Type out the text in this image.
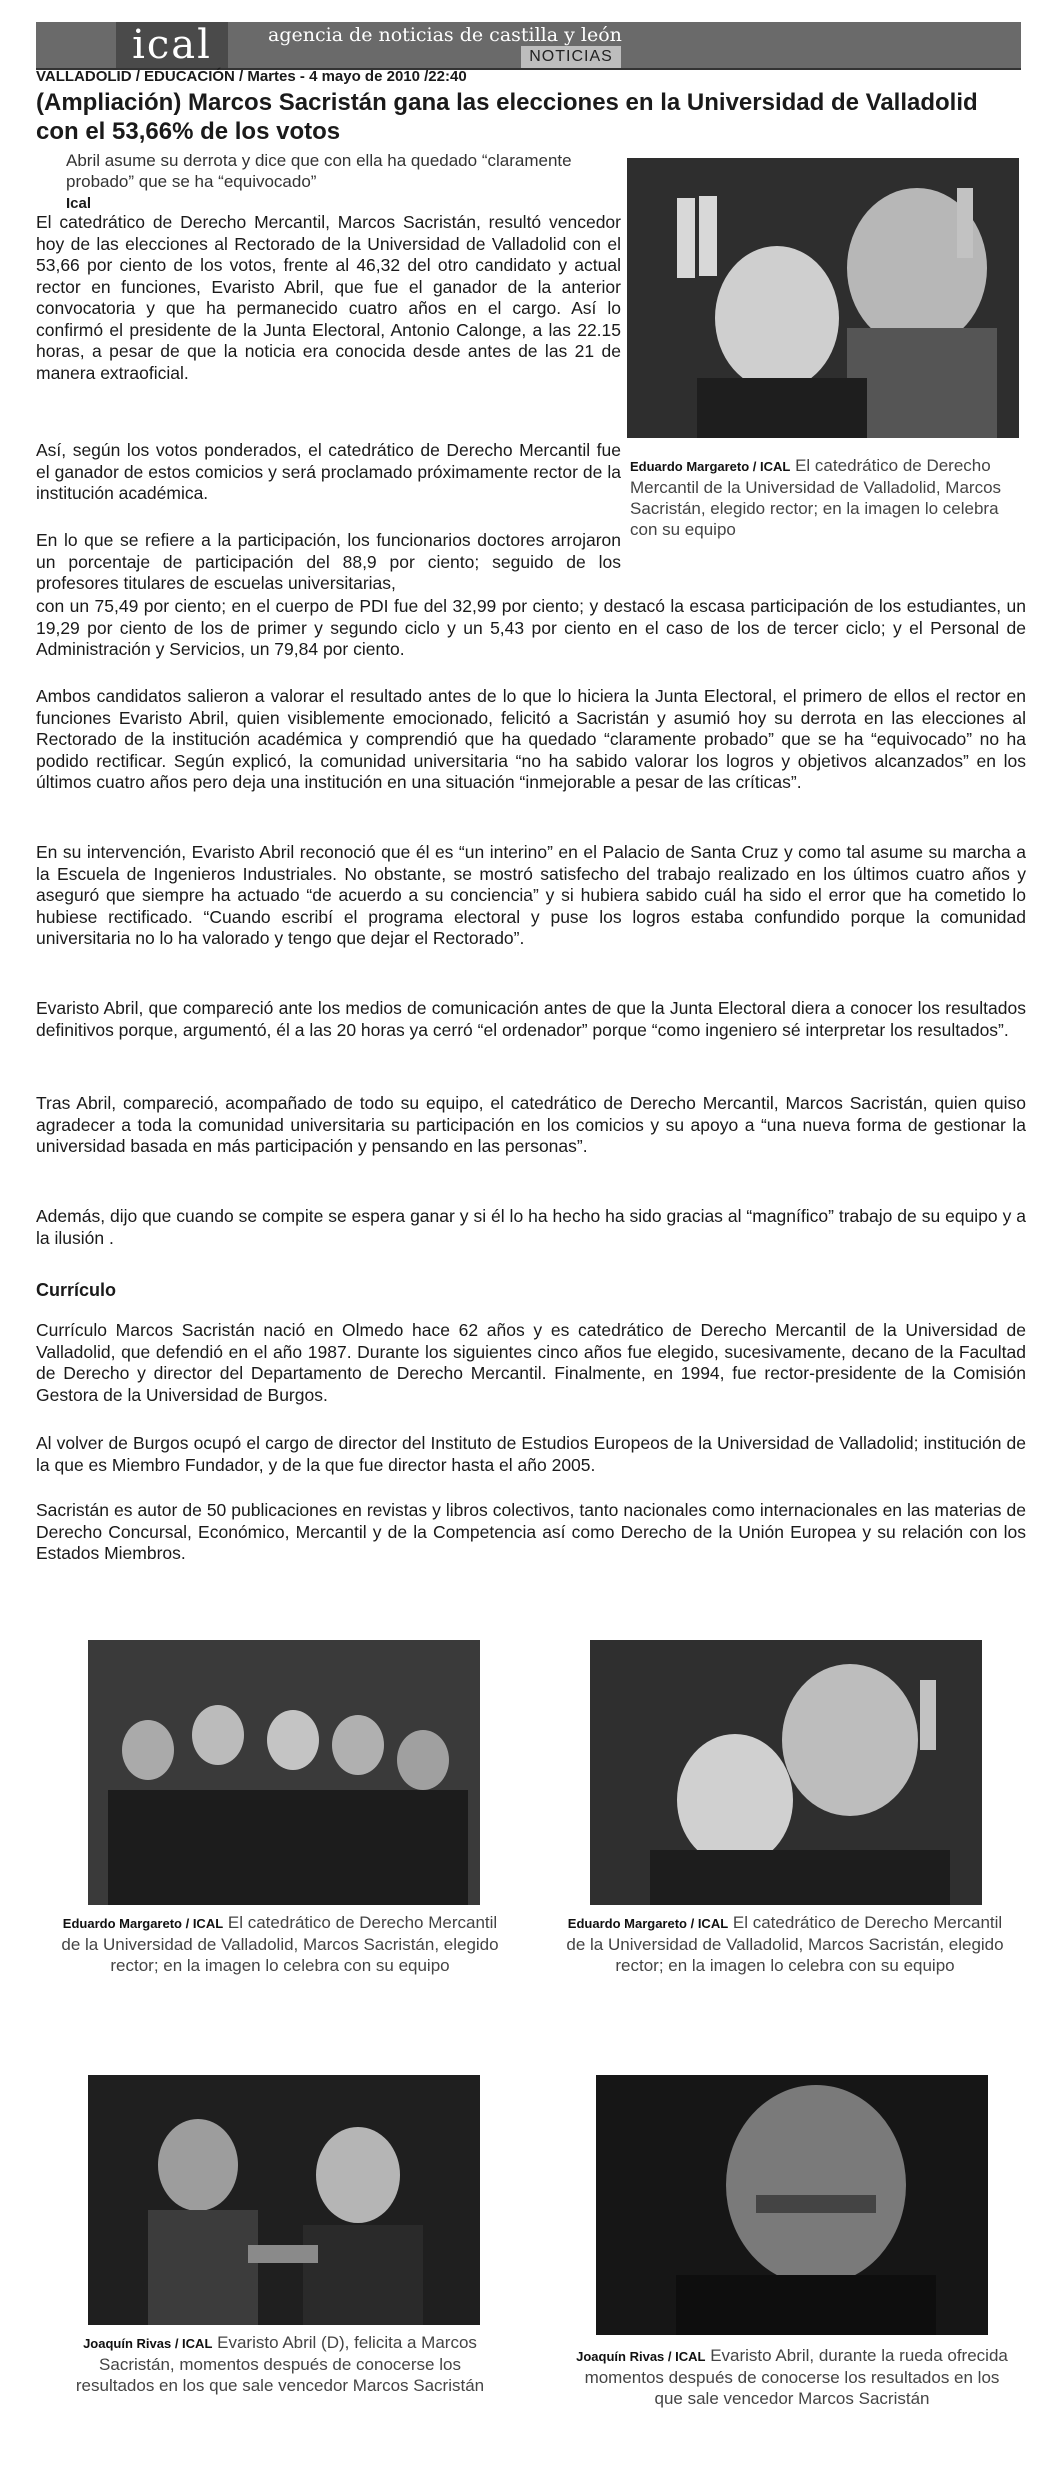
ical	agencia de noticias de castilla y león
NOTICIAS
VALLADOLID / EDUCACIÓN / Martes - 4 mayo de 2010 /22:40
(Ampliación) Marcos Sacristán gana las elecciones en la Universidad de Valladolid con el 53,66% de los votos
Abril asume su derrota y dice que con ella ha quedado “claramente probado” que se ha “equivocado”
Ical
Eduardo Margareto / ICAL El catedrático de Derecho Mercantil de la Universidad de Valladolid, Marcos Sacristán, elegido rector; en la imagen lo celebra con su equipo
El catedrático de Derecho Mercantil, Marcos Sacristán, resultó vencedor hoy de las elecciones al Rectorado de la Universidad de Valladolid con el 53,66 por ciento de los votos, frente al 46,32 del otro candidato y actual rector en funciones, Evaristo Abril, que fue el ganador de la anterior convocatoria y que ha permanecido cuatro años en el cargo. Así lo confirmó el presidente de la Junta Electoral, Antonio Calonge, a las 22.15 horas, a pesar de que la noticia era conocida desde antes de las 21 de manera extraoficial.
Así, según los votos ponderados, el catedrático de Derecho Mercantil fue el ganador de estos comicios y será proclamado próximamente rector de la institución académica.
En lo que se refiere a la participación, los funcionarios doctores arrojaron un porcentaje de participación del 88,9 por ciento; seguido de los profesores titulares de escuelas universitarias,
con un 75,49 por ciento; en el cuerpo de PDI fue del 32,99 por ciento; y destacó la escasa participación de los estudiantes, un 19,29 por ciento de los de primer y segundo ciclo y un 5,43 por ciento en el caso de los de tercer ciclo; y el Personal de Administración y Servicios, un 79,84 por ciento.
Ambos candidatos salieron a valorar el resultado antes de lo que lo hiciera la Junta Electoral, el primero de ellos el rector en funciones Evaristo Abril, quien visiblemente emocionado, felicitó a Sacristán y asumió hoy su derrota en las elecciones al Rectorado de la institución académica y comprendió que ha quedado “claramente probado” que se ha “equivocado” no ha podido rectificar. Según explicó, la comunidad universitaria “no ha sabido valorar los logros y objetivos alcanzados” en los últimos cuatro años pero deja una institución en una situación “inmejorable a pesar de las críticas”.
En su intervención, Evaristo Abril reconoció que él es “un interino” en el Palacio de Santa Cruz y como tal asume su marcha a la Escuela de Ingenieros Industriales. No obstante, se mostró satisfecho del trabajo realizado en los últimos cuatro años y aseguró que siempre ha actuado “de acuerdo a su conciencia” y si hubiera sabido cuál ha sido el error que ha cometido lo hubiese rectificado. “Cuando escribí el programa electoral y puse los logros estaba confundido porque la comunidad universitaria no lo ha valorado y tengo que dejar el Rectorado”.
Evaristo Abril, que compareció ante los medios de comunicación antes de que la Junta Electoral diera a conocer los resultados definitivos porque, argumentó, él a las 20 horas ya cerró “el ordenador” porque “como ingeniero sé interpretar los resultados”.
Tras Abril, compareció, acompañado de todo su equipo, el catedrático de Derecho Mercantil, Marcos Sacristán, quien quiso agradecer a toda la comunidad universitaria su participación en los comicios y su apoyo a “una nueva forma de gestionar la universidad basada en más participación y pensando en las personas”.
Además, dijo que cuando se compite se espera ganar y si él lo ha hecho ha sido gracias al “magnífico” trabajo de su equipo y a la ilusión .
Currículo
Currículo Marcos Sacristán nació en Olmedo hace 62 años y es catedrático de Derecho Mercantil de la Universidad de Valladolid, que defendió en el año 1987. Durante los siguientes cinco años fue elegido, sucesivamente, decano de la Facultad de Derecho y director del Departamento de Derecho Mercantil. Finalmente, en 1994, fue rector-presidente de la Comisión Gestora de la Universidad de Burgos.
Al volver de Burgos ocupó el cargo de director del Instituto de Estudios Europeos de la Universidad de Valladolid; institución de la que es Miembro Fundador, y de la que fue director hasta el año 2005.
Sacristán es autor de 50 publicaciones en revistas y libros colectivos, tanto nacionales como internacionales en las materias de Derecho Concursal, Económico, Mercantil y de la Competencia así como Derecho de la Unión Europea y su relación con los Estados Miembros.
Eduardo Margareto / ICAL El catedrático de Derecho Mercantil de la Universidad de Valladolid, Marcos Sacristán, elegido rector; en la imagen lo celebra con su equipo
Eduardo Margareto / ICAL El catedrático de Derecho Mercantil de la Universidad de Valladolid, Marcos Sacristán, elegido rector; en la imagen lo celebra con su equipo
Joaquín Rivas / ICAL Evaristo Abril (D), felicita a Marcos Sacristán, momentos después de conocerse los resultados en los que sale vencedor Marcos Sacristán
Joaquín Rivas / ICAL Evaristo Abril, durante la rueda ofrecida momentos después de conocerse los resultados en los que sale vencedor Marcos Sacristán
